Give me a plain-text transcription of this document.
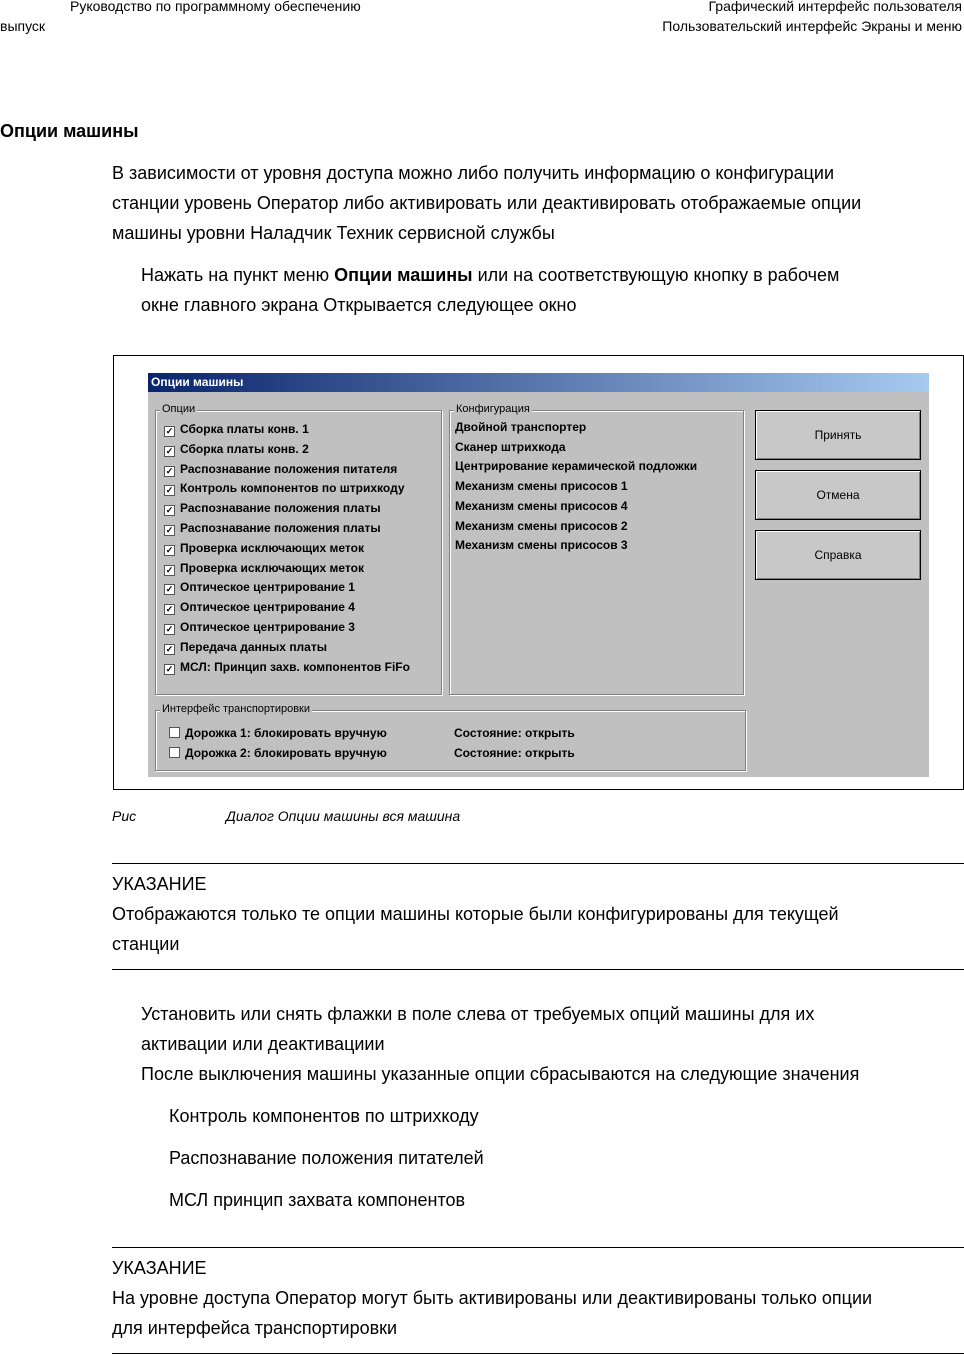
Руководство по программному обеспечению
выпуск
Графический интерфейс пользователя
Пользовательский интерфейс Экраны и меню
Опции машины
В зависимости от уровня доступа можно либо получить информацию о конфигурации
станции уровень Оператор либо активировать или деактивировать отображаемые опции
машины уровни Наладчик Техник сервисной службы
Нажать на пункт меню Опции машины или на соответствующую кнопку в рабочем
окне главного экрана Открывается следующее окно
Опции машины
Опции
✓ Сборка платы конв. 1
✓ Сборка платы конв. 2
✓ Распознавание положения питателя
✓ Контроль компонентов по штрихкоду
✓ Распознавание положения платы
✓ Распознавание положения платы
✓ Проверка исключающих меток
✓ Проверка исключающих меток
✓ Оптическое центрирование 1
✓ Оптическое центрирование 4
✓ Оптическое центрирование 3
✓ Передача данных платы
✓ МСЛ: Принцип захв. компонентов FiFo
Конфигурация
Двойной транспортер
Сканер штрихкода
Центрирование керамической подложки
Механизм смены присосов 1
Механизм смены присосов 4
Механизм смены присосов 2
Механизм смены присосов 3
Принять
Отмена
Справка
Интерфейс транспортировки
Дорожка 1: блокировать вручную	Состояние: открыть
Дорожка 2: блокировать вручную	Состояние: открыть
Рис	Диалог Опции машины вся машина
УКАЗАНИЕ
Отображаются только те опции машины которые были конфигурированы для текущей
станции
Установить или снять флажки в поле слева от требуемых опций машины для их
активации или деактивациии
После выключения машины указанные опции сбрасываются на следующие значения
Контроль компонентов по штрихкоду
Распознавание положения питателей
МСЛ принцип захвата компонентов
УКАЗАНИЕ
На уровне доступа Оператор могут быть активированы или деактивированы только опции
для интерфейса транспортировки
